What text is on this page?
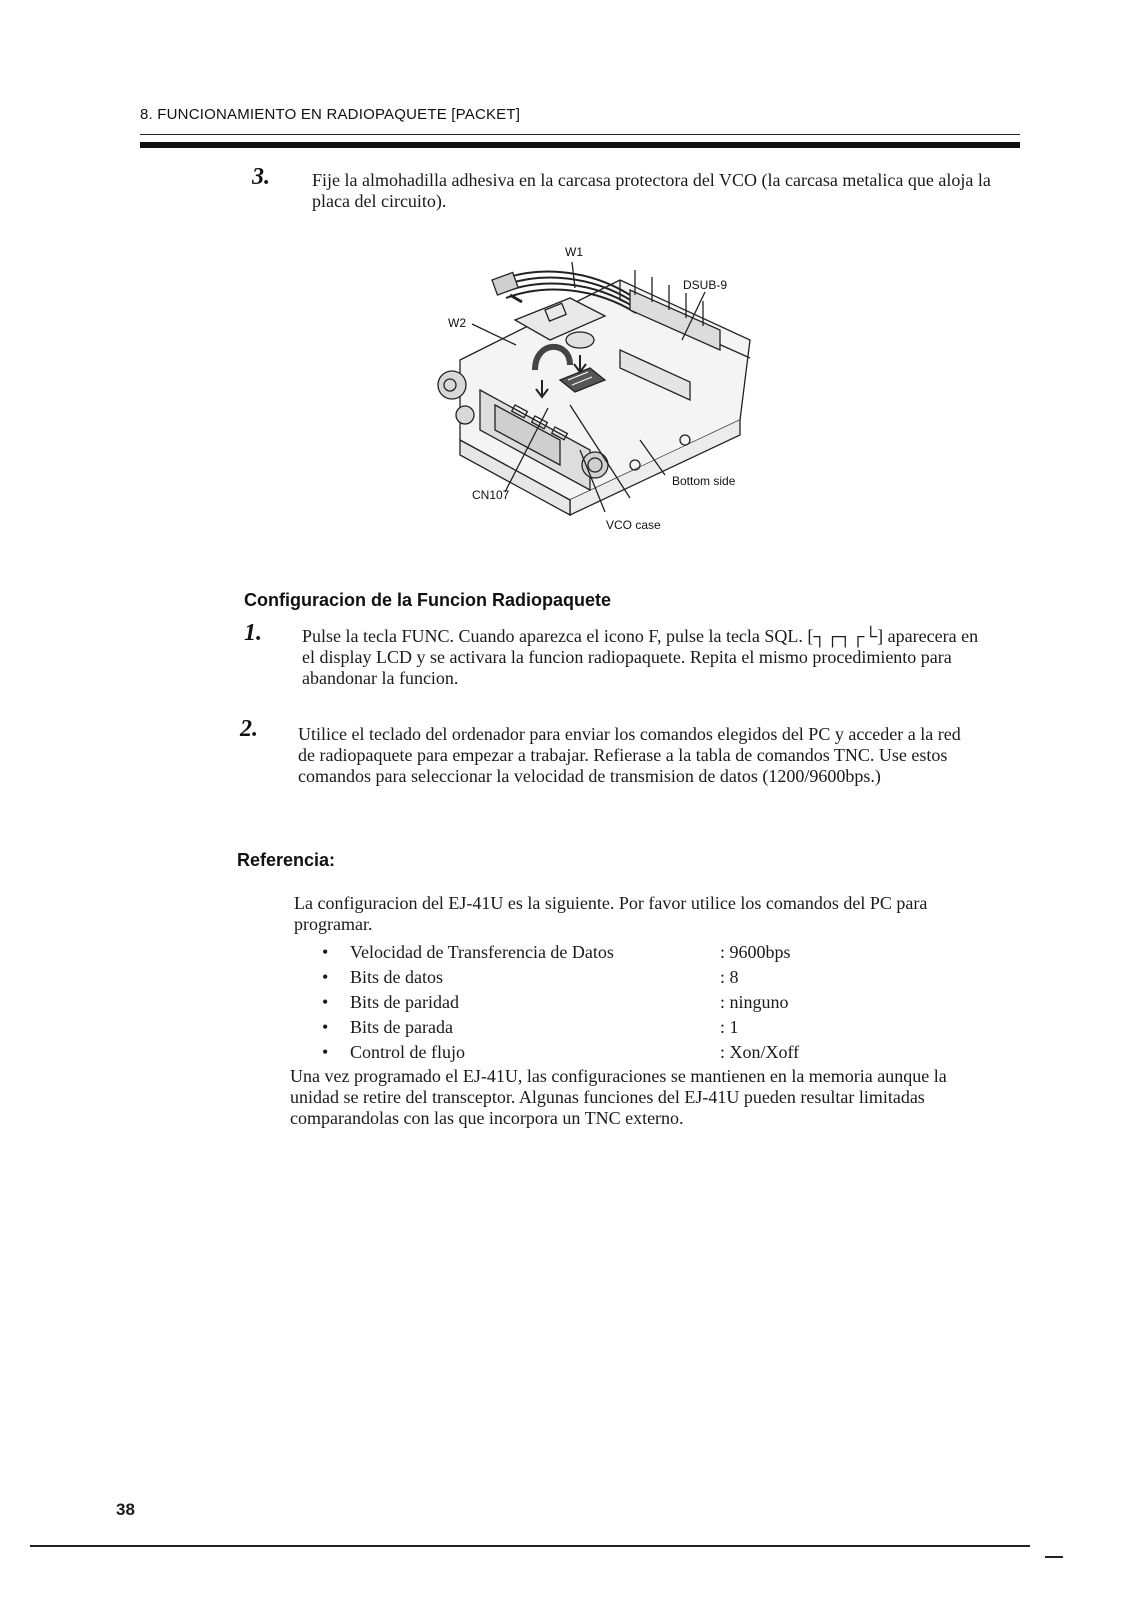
8. FUNCIONAMIENTO EN RADIOPAQUETE [PACKET]
3. Fije la almohadilla adhesiva en la carcasa protectora del VCO (la carcasa metalica que aloja la placa del circuito).
W1
W2
DSUB-9
CN107
Bottom side
VCO case
Configuracion de la Funcion Radiopaquete
1. Pulse la tecla FUNC. Cuando aparezca el icono F, pulse la tecla SQL. [┐┌┐┌└] aparecera en el display LCD y se activara la funcion radiopaquete. Repita el mismo procedimiento para abandonar la funcion.
2. Utilice el teclado del ordenador para enviar los comandos elegidos del PC y acceder a la red de radiopaquete para empezar a trabajar. Refierase a la tabla de comandos TNC. Use estos comandos para seleccionar la velocidad de transmision de datos (1200/9600bps.)
Referencia:
La configuracion del EJ-41U es la siguiente. Por favor utilice los comandos del PC para programar.
• Velocidad de Transferencia de Datos	: 9600bps
• Bits de datos	: 8
• Bits de paridad	: ninguno
• Bits de parada	: 1
• Control de flujo	: Xon/Xoff
Una vez programado el EJ-41U, las configuraciones se mantienen en la memoria aunque la unidad se retire del transceptor. Algunas funciones del EJ-41U pueden resultar limitadas comparandolas con las que incorpora un TNC externo.
38
